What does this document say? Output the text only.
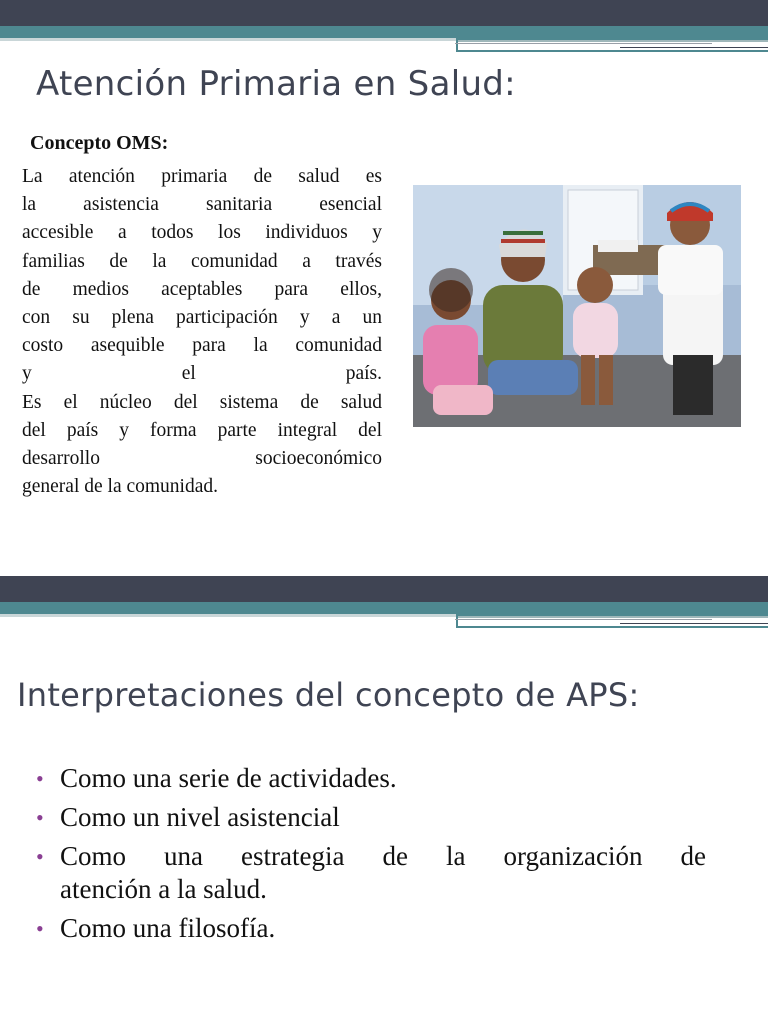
Atención Primaria en Salud:
Concepto OMS:
La atención primaria de salud es
la asistencia sanitaria esencial
accesible a todos los individuos y
familias de la comunidad a través
de medios aceptables para ellos,
con su plena participación y a un
costo asequible para la comunidad
y el país.
Es el núcleo del sistema de salud
del país y forma parte integral del
desarrollo socioeconómico
general de la comunidad.
Interpretaciones del concepto de APS:
• Como una serie de actividades.
• Como un nivel asistencial
• Como una estrategia de la organización de
atención a la salud.
• Como una filosofía.
